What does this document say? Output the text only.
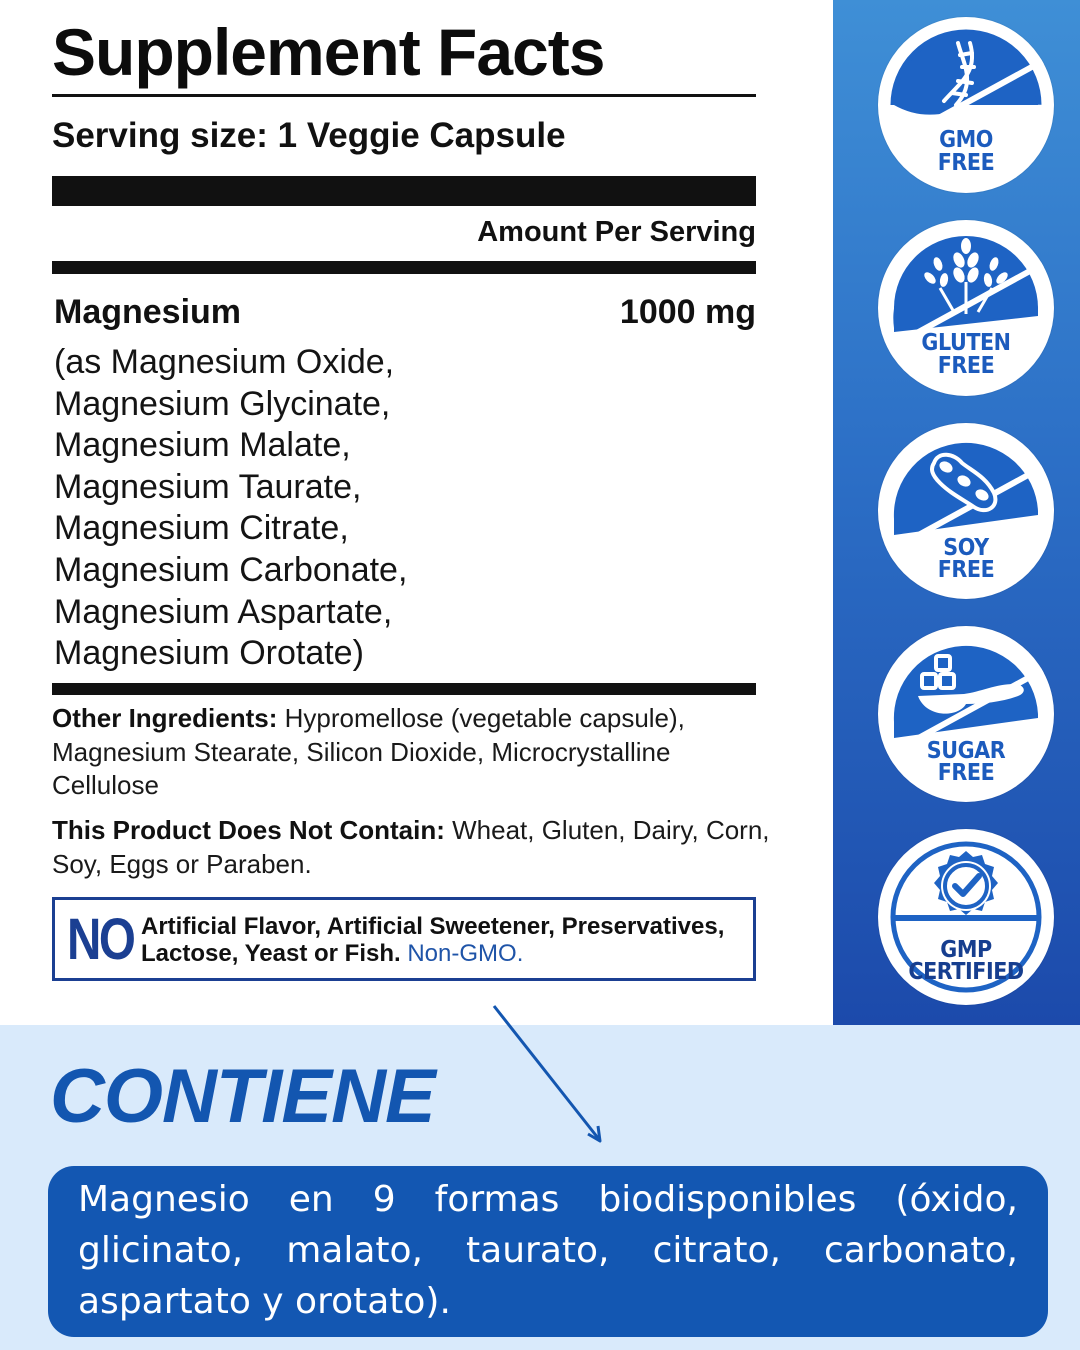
Supplement Facts
Serving size: 1 Veggie Capsule
Amount Per Serving
Magnesium	1000 mg
(as Magnesium Oxide,
Magnesium Glycinate,
Magnesium Malate,
Magnesium Taurate,
Magnesium Citrate,
Magnesium Carbonate,
Magnesium Aspartate,
Magnesium Orotate)
Other Ingredients: Hypromellose (vegetable capsule), Magnesium Stearate, Silicon Dioxide, Microcrystalline Cellulose
This Product Does Not Contain: Wheat, Gluten, Dairy, Corn, Soy, Eggs or Paraben.
NO Artificial Flavor, Artificial Sweetener, Preservatives,
Lactose, Yeast or Fish. Non-GMO.
GMO
FREE
GLUTEN
FREE
SOY
FREE
SUGAR
FREE
GMP
CERTIFIED
CONTIENE
Magnesio en 9 formas biodisponibles (óxido, glicinato, malato, taurato, citrato, carbonato, aspartato y orotato).
